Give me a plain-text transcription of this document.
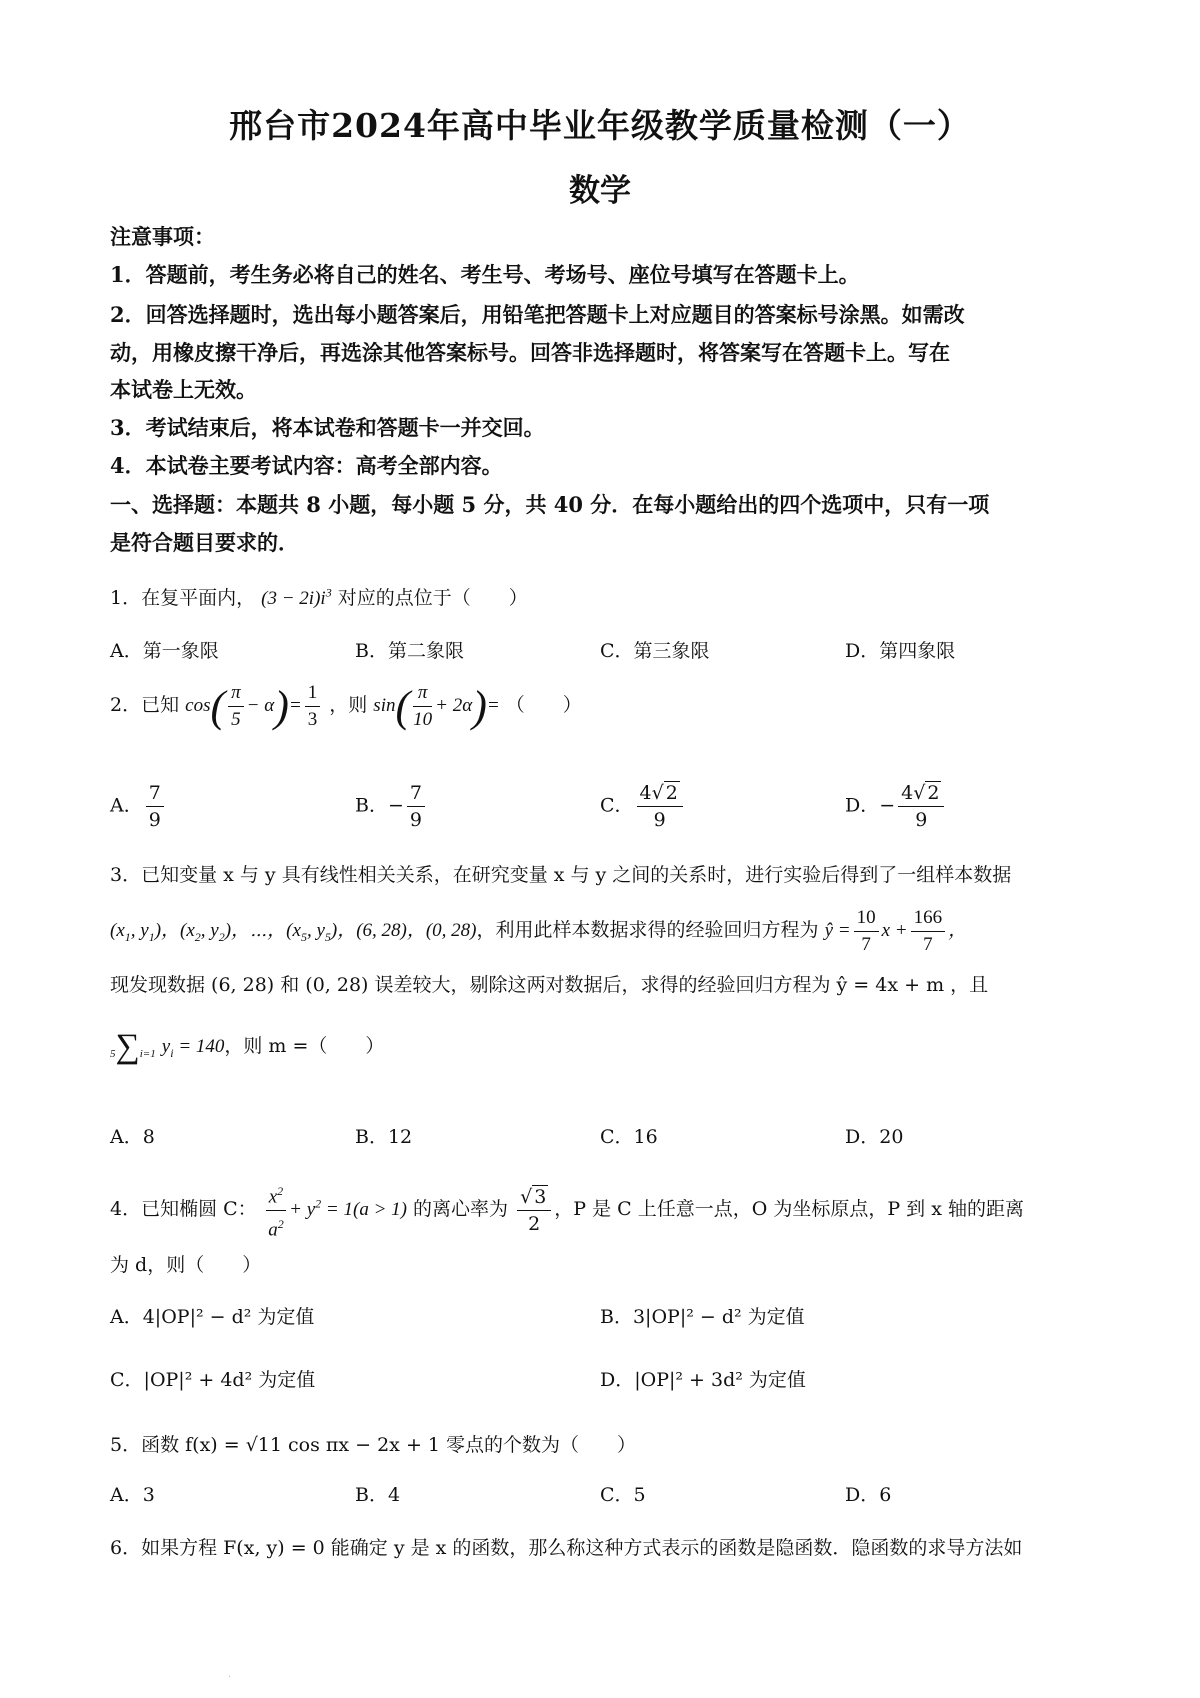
邢台市2024年高中毕业年级教学质量检测（一）
数学
注意事项：
1．答题前，考生务必将自己的姓名、考生号、考场号、座位号填写在答题卡上。
2．回答选择题时，选出每小题答案后，用铅笔把答题卡上对应题目的答案标号涂黑。如需改
动，用橡皮擦干净后，再选涂其他答案标号。回答非选择题时，将答案写在答题卡上。写在
本试卷上无效。
3．考试结束后，将本试卷和答题卡一并交回。
4．本试卷主要考试内容：高考全部内容。
一、选择题：本题共 8 小题，每小题 5 分，共 40 分．在每小题给出的四个选项中，只有一项
是符合题目要求的．
1．在复平面内， $(3 - 2i)i^3$ 对应的点位于（　　）
A．第一象限	B．第二象限	C．第三象限	D．第四象限
2．已知 $\cos( \frac{\pi}{5} - \alpha)= \frac{1}{3}$ ，则 $\sin( \frac{\pi}{10} + 2\alpha)=$ （　　）
A． $\frac{7}{9}$	B．− $\frac{7}{9}$	C． $\frac{4√ 2}{9}$	D．− $\frac{4√ 2}{9}$
3．已知变量 x 与 y 具有线性相关关系，在研究变量 x 与 y 之间的关系时，进行实验后得到了一组样本数据
($x_1$, $y_1$)，($x_2$, $y_2$)，⋯，($x_5$, $y_5$)，(6, 28)，(0, 28)，利用此样本数据求得的经验回归方程为 ŷ = $\frac{10}{7}$ $x + \frac{166}{7}$ ，
现发现数据 (6, 28) 和 (0, 28) 误差较大，剔除这两对数据后，求得的经验回归方程为 ŷ = 4x + m ，且
5∑i=1 $y_i = 140$，则 m =（　　）
A．8	B．12	C．16	D．20
4．已知椭圆 C： $\frac{x^2}{a^2} + y^2 = 1(a > 1)$ 的离心率为 $\frac{√ 3}{2}$ ，P 是 C 上任意一点，O 为坐标原点，P 到 x 轴的距离
为 d，则（　　）
A．4|OP|² − d² 为定值	B．3|OP|² − d² 为定值
C．|OP|² + 4d² 为定值	D．|OP|² + 3d² 为定值
5．函数 f(x) = √11 cos πx − 2x + 1 零点的个数为（　　）
A．3	B．4	C．5	D．6
6．如果方程 F(x, y) = 0 能确定 y 是 x 的函数，那么称这种方式表示的函数是隐函数．隐函数的求导方法如
·
